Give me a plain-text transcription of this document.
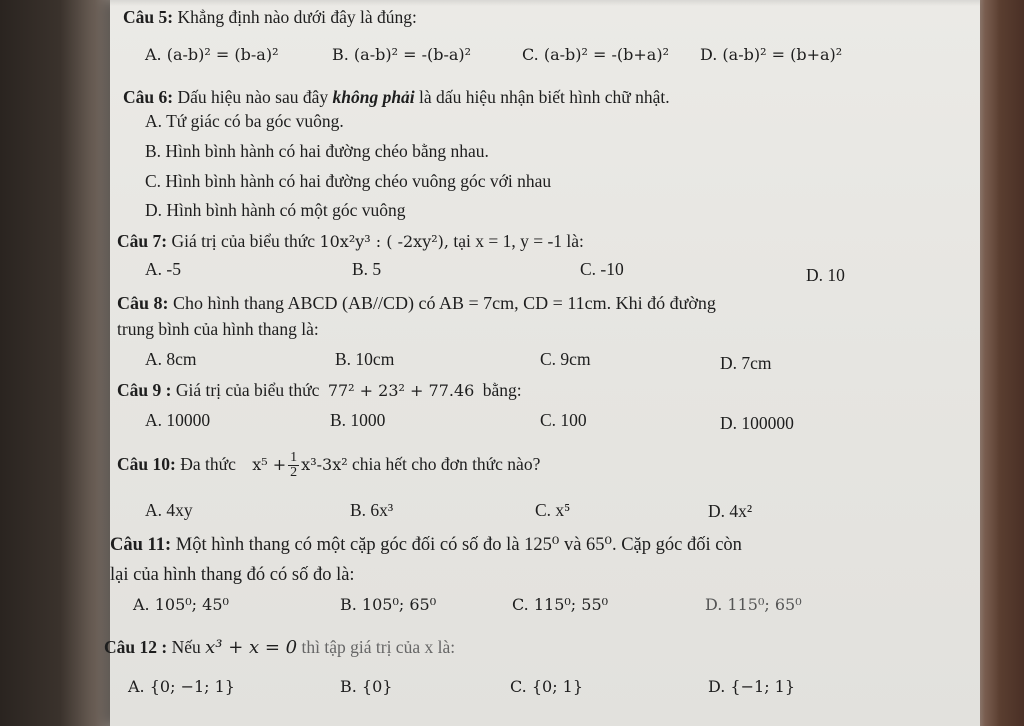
Câu 5: Khẳng định nào dưới đây là đúng:
A. (a-b)² = (b-a)²	B. (a-b)² = -(b-a)²	C. (a-b)² = -(b+a)² D. (a-b)² = (b+a)²
Câu 6: Dấu hiệu nào sau đây không phải là dấu hiệu nhận biết hình chữ nhật.
A. Tứ giác có ba góc vuông.
B. Hình bình hành có hai đường chéo bằng nhau.
C. Hình bình hành có hai đường chéo vuông góc với nhau
D. Hình bình hành có một góc vuông
Câu 7: Giá trị của biểu thức 10x²y³ : ( -2xy²), tại x = 1, y = -1 là:
A. -5	B. 5	C. -10	D. 10
Câu 8: Cho hình thang ABCD (AB//CD) có AB = 7cm, CD = 11cm. Khi đó đường
trung bình của hình thang là:
A. 8cm	B. 10cm	C. 9cm	D. 7cm
Câu 9 : Giá trị của biểu thức 77² + 23² + 77.46 bằng:
A. 10000	B. 1000	C. 100	D. 100000
Câu 10: Đa thức $x^5 + \frac{1}{2} x^3-3x^2$ chia hết cho đơn thức nào?
A. 4xy	B. 6x³	C. x⁵	D. 4x²
Câu 11: Một hình thang có một cặp góc đối có số đo là 125⁰ và 65⁰. Cặp góc đối còn
lại của hình thang đó có số đo là:
A. 105⁰; 45⁰	B. 105⁰; 65⁰	C. 115⁰; 55⁰	D. 115⁰; 65⁰
Câu 12 : Nếu x³ + x = 0 thì tập giá trị của x là:
A. {0; −1; 1}	B. {0}	C. {0; 1}	D. {−1; 1}
